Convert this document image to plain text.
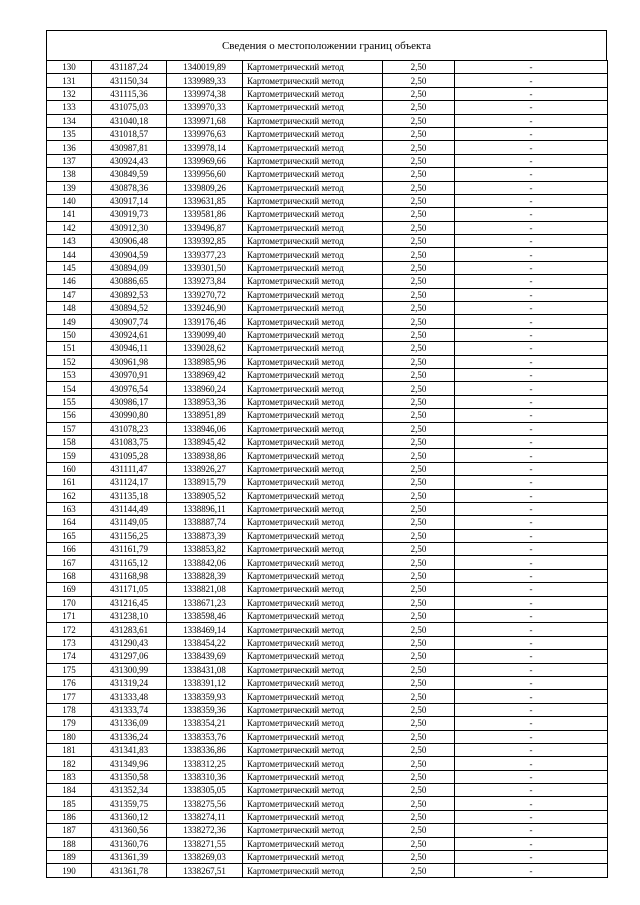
Сведения о местоположении границ объекта
130	431187,24	1340019,89	Картометрический метод	2,50	-
131	431150,34	1339989,33	Картометрический метод	2,50	-
132	431115,36	1339974,38	Картометрический метод	2,50	-
133	431075,03	1339970,33	Картометрический метод	2,50	-
134	431040,18	1339971,68	Картометрический метод	2,50	-
135	431018,57	1339976,63	Картометрический метод	2,50	-
136	430987,81	1339978,14	Картометрический метод	2,50	-
137	430924,43	1339969,66	Картометрический метод	2,50	-
138	430849,59	1339956,60	Картометрический метод	2,50	-
139	430878,36	1339809,26	Картометрический метод	2,50	-
140	430917,14	1339631,85	Картометрический метод	2,50	-
141	430919,73	1339581,86	Картометрический метод	2,50	-
142	430912,30	1339496,87	Картометрический метод	2,50	-
143	430906,48	1339392,85	Картометрический метод	2,50	-
144	430904,59	1339377,23	Картометрический метод	2,50	-
145	430894,09	1339301,50	Картометрический метод	2,50	-
146	430886,65	1339273,84	Картометрический метод	2,50	-
147	430892,53	1339270,72	Картометрический метод	2,50	-
148	430894,52	1339246,90	Картометрический метод	2,50	-
149	430907,74	1339176,46	Картометрический метод	2,50	-
150	430924,61	1339099,40	Картометрический метод	2,50	-
151	430946,11	1339028,62	Картометрический метод	2,50	-
152	430961,98	1338985,96	Картометрический метод	2,50	-
153	430970,91	1338969,42	Картометрический метод	2,50	-
154	430976,54	1338960,24	Картометрический метод	2,50	-
155	430986,17	1338953,36	Картометрический метод	2,50	-
156	430990,80	1338951,89	Картометрический метод	2,50	-
157	431078,23	1338946,06	Картометрический метод	2,50	-
158	431083,75	1338945,42	Картометрический метод	2,50	-
159	431095,28	1338938,86	Картометрический метод	2,50	-
160	431111,47	1338926,27	Картометрический метод	2,50	-
161	431124,17	1338915,79	Картометрический метод	2,50	-
162	431135,18	1338905,52	Картометрический метод	2,50	-
163	431144,49	1338896,11	Картометрический метод	2,50	-
164	431149,05	1338887,74	Картометрический метод	2,50	-
165	431156,25	1338873,39	Картометрический метод	2,50	-
166	431161,79	1338853,82	Картометрический метод	2,50	-
167	431165,12	1338842,06	Картометрический метод	2,50	-
168	431168,98	1338828,39	Картометрический метод	2,50	-
169	431171,05	1338821,08	Картометрический метод	2,50	-
170	431216,45	1338671,23	Картометрический метод	2,50	-
171	431238,10	1338598,46	Картометрический метод	2,50	-
172	431283,61	1338469,14	Картометрический метод	2,50	-
173	431290,43	1338454,22	Картометрический метод	2,50	-
174	431297,06	1338439,69	Картометрический метод	2,50	-
175	431300,99	1338431,08	Картометрический метод	2,50	-
176	431319,24	1338391,12	Картометрический метод	2,50	-
177	431333,48	1338359,93	Картометрический метод	2,50	-
178	431333,74	1338359,36	Картометрический метод	2,50	-
179	431336,09	1338354,21	Картометрический метод	2,50	-
180	431336,24	1338353,76	Картометрический метод	2,50	-
181	431341,83	1338336,86	Картометрический метод	2,50	-
182	431349,96	1338312,25	Картометрический метод	2,50	-
183	431350,58	1338310,36	Картометрический метод	2,50	-
184	431352,34	1338305,05	Картометрический метод	2,50	-
185	431359,75	1338275,56	Картометрический метод	2,50	-
186	431360,12	1338274,11	Картометрический метод	2,50	-
187	431360,56	1338272,36	Картометрический метод	2,50	-
188	431360,76	1338271,55	Картометрический метод	2,50	-
189	431361,39	1338269,03	Картометрический метод	2,50	-
190	431361,78	1338267,51	Картометрический метод	2,50	-
